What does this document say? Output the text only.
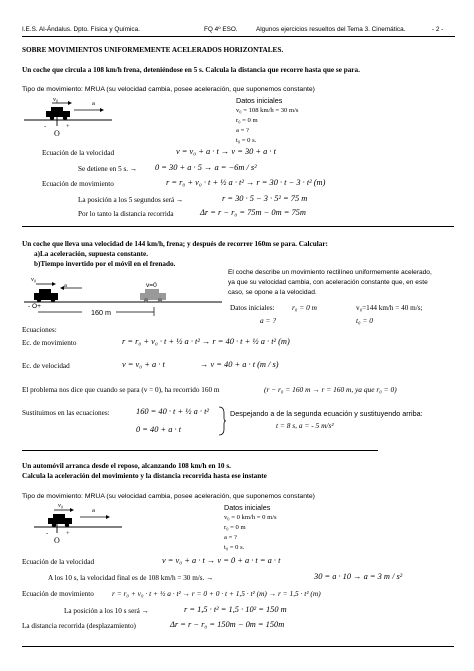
I.E.S. Al-Ándalus. Dpto. Física y Química.	FQ 4º ESO.	Algunos ejercicios resueltos del Tema 3. Cinemática.	- 2 -
SOBRE MOVIMIENTOS UNIFORMEMENTE ACELERADOS HORIZONTALES.
Un coche que circula a 108 km/h frena, deteniéndose en 5 s. Calcula la distancia que recorre hasta que se para.
Tipo de movimiento: MRUA (su velocidad cambia, posee aceleración, que suponemos constante)
v₀
a
-	+
O
Datos iniciales
v₀ = 108 km/h = 30 m/s
r₀ = 0 m
a = ?
t₀ = 0 s.
Ecuación de la velocidad	v = v₀ + a · t → v = 30 + a · t
Se detiene en 5 s. → 0 = 30 + a · 5 → a = −6m / s²
Ecuación de movimiento	r = r₀ + v₀ · t + ½ a · t² → r = 30 · t − 3 · t² (m)
La posición a los 5 segundos será →	r = 30 · 5 − 3 · 5² = 75 m
Por lo tanto la distancia recorrida	Δr = r − r₀ = 75m − 0m = 75m
Un coche que lleva una velocidad de 144 km/h, frena; y después de recorrer 160m se para. Calcular:
a)La aceleración, supuesta constante.
b)Tiempo invertido por el móvil en el frenado.
El coche describe un movimiento rectilíneo uniformemente acelerado,
ya que su velocidad cambia, con aceleración constante que, en este
caso, se opone a la velocidad.
v₀
a	v=0
- O+
160 m	Datos iniciales: r₀ = 0 m	v₀=144 km/h = 40 m/s;
a = ?	t₀ = 0
Ecuaciones:
Ec. de movimiento	r = r₀ + v₀ · t + ½ a · t² → r = 40 · t + ½ a · t² (m)
Ec. de velocidad	v = v₀ + a · t	→ v = 40 + a · t (m / s)
El problema nos dice que cuando se para (v = 0), ha recorrido 160 m	(r − r₀ = 160 m → r = 160 m, ya que r₀ = 0)
Sustituimos en las ecuaciones:	160 = 40 · t + ½ a · t²
0 = 40 + a · t
Despejando a de la segunda ecuación y sustituyendo arriba:
t = 8 s, a = - 5 m/s²
Un automóvil arranca desde el reposo, alcanzando 108 km/h en 10 s.
Calcula la aceleración del movimiento y la distancia recorrida hasta ese instante
Tipo de movimiento: MRUA (su velocidad cambia, posee aceleración, que suponemos constante)
v₀
a
-	+
O
Datos iniciales
v₀ = 0 km/h = 0 m/s
r₀ = 0 m
a = ?
t₀ = 0 s.
Ecuación de la velocidad	v = v₀ + a · t → v = 0 + a · t = a · t
A los 10 s, la velocidad final es de 108 km/h = 30 m/s. →	30 = a · 10 → a = 3 m / s²
Ecuación de movimiento r = r₀ + v₀ · t + ½ a · t² → r = 0 + 0 · t + 1,5 · t² (m) → r = 1,5 · t² (m)
La posición a los 10 s será →	r = 1,5 · t² = 1,5 · 10² = 150 m
La distancia recorrida (desplazamiento)	Δr = r − r₀ = 150m − 0m = 150m
